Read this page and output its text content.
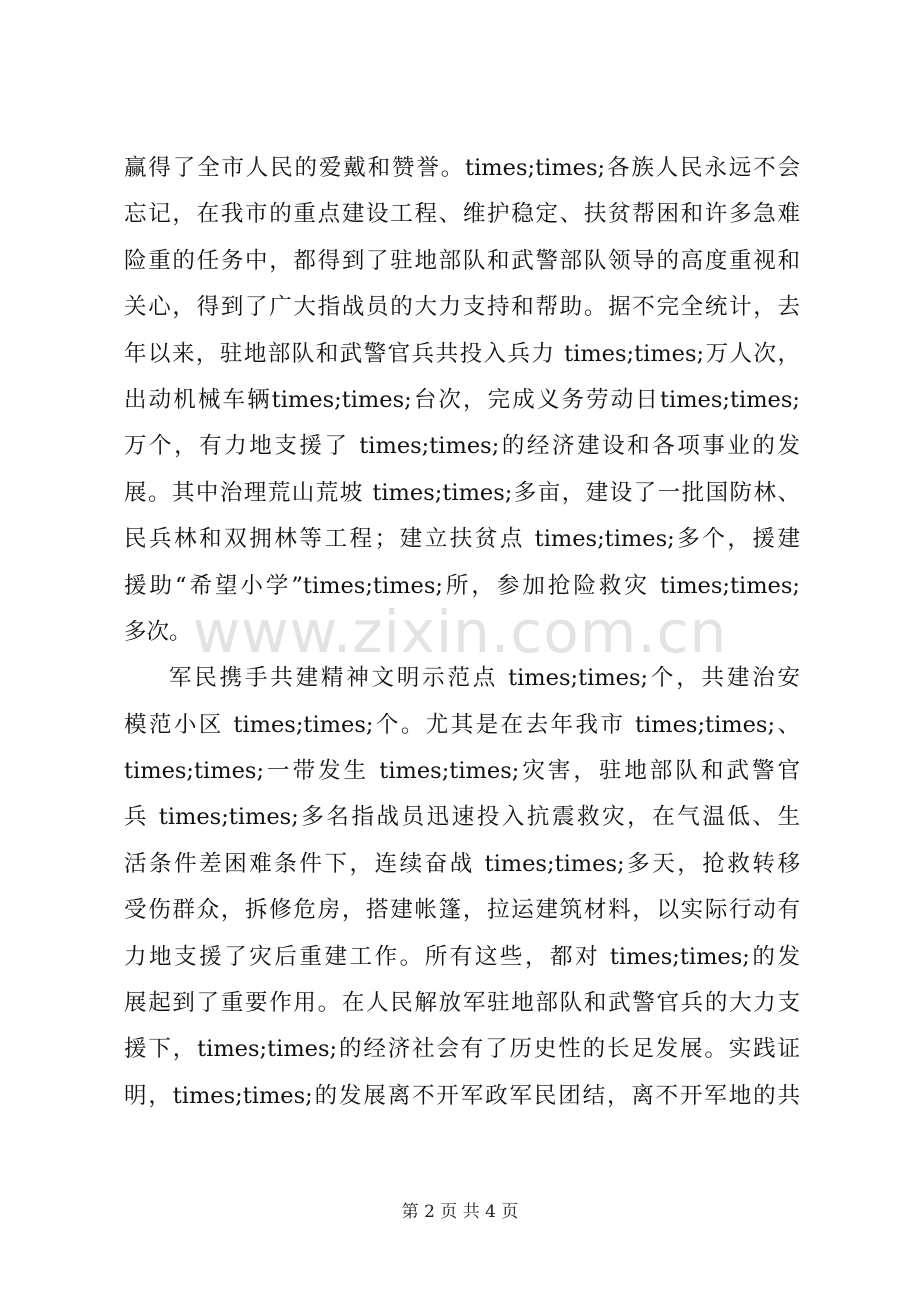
www.zixin.com.cn
赢得了全市人民的爱戴和赞誉。times;times;各族人民永远不会
忘记，在我市的重点建设工程、维护稳定、扶贫帮困和许多急难
险重的任务中，都得到了驻地部队和武警部队领导的高度重视和
关心，得到了广大指战员的大力支持和帮助。据不完全统计，去
年以来，驻地部队和武警官兵共投入兵力 times;times;万人次，
出动机械车辆times;times;台次，完成义务劳动日times;times;
万个，有力地支援了 times;times;的经济建设和各项事业的发
展。其中治理荒山荒坡 times;times;多亩，建设了一批国防林、
民兵林和双拥林等工程；建立扶贫点 times;times;多个，援建
援助“希望小学”times;times;所，参加抢险救灾 times;times;
多次。
军民携手共建精神文明示范点 times;times;个，共建治安
模范小区 times;times;个。尤其是在去年我市 times;times;、
times;times;一带发生 times;times;灾害，驻地部队和武警官
兵 times;times;多名指战员迅速投入抗震救灾，在气温低、生
活条件差困难条件下，连续奋战 times;times;多天，抢救转移
受伤群众，拆修危房，搭建帐篷，拉运建筑材料，以实际行动有
力地支援了灾后重建工作。所有这些，都对 times;times;的发
展起到了重要作用。在人民解放军驻地部队和武警官兵的大力支
援下，times;times;的经济社会有了历史性的长足发展。实践证
明，times;times;的发展离不开军政军民团结，离不开军地的共
第 2 页 共 4 页
